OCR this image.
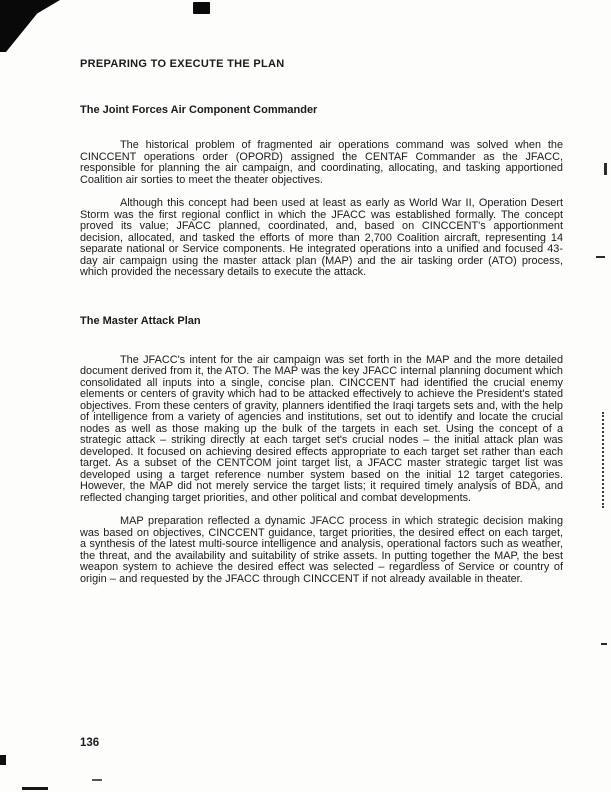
PREPARING TO EXECUTE THE PLAN
The Joint Forces Air Component Commander

The historical problem of fragmented air operations command was solved when the CINCCENT operations order (OPORD) assigned the CENTAF Commander as the JFACC, responsible for planning the air campaign, and coordinating, allocating, and tasking apportioned Coalition air sorties to meet the theater objectives.

Although this concept had been used at least as early as World War II, Operation Desert Storm was the first regional conflict in which the JFACC was established formally. The concept proved its value; JFACC planned, coordinated, and, based on CINCCENT's apportionment decision, allocated, and tasked the efforts of more than 2,700 Coalition aircraft, representing 14 separate national or Service components. He integrated operations into a unified and focused 43-day air campaign using the master attack plan (MAP) and the air tasking order (ATO) process, which provided the necessary details to execute the attack.

The Master Attack Plan

The JFACC's intent for the air campaign was set forth in the MAP and the more detailed document derived from it, the ATO. The MAP was the key JFACC internal planning document which consolidated all inputs into a single, concise plan. CINCCENT had identified the crucial enemy elements or centers of gravity which had to be attacked effectively to achieve the President's stated objectives. From these centers of gravity, planners identified the Iraqi targets sets and, with the help of intelligence from a variety of agencies and institutions, set out to identify and locate the crucial nodes as well as those making up the bulk of the targets in each set. Using the concept of a strategic attack – striking directly at each target set's crucial nodes – the initial attack plan was developed. It focused on achieving desired effects appropriate to each target set rather than each target. As a subset of the CENTCOM joint target list, a JFACC master strategic target list was developed using a target reference number system based on the initial 12 target categories. However, the MAP did not merely service the target lists; it required timely analysis of BDA, and reflected changing target priorities, and other political and combat developments.

MAP preparation reflected a dynamic JFACC process in which strategic decision making was based on objectives, CINCCENT guidance, target priorities, the desired effect on each target, a synthesis of the latest multi-source intelligence and analysis, operational factors such as weather, the threat, and the availability and suitability of strike assets. In putting together the MAP, the best weapon system to achieve the desired effect was selected – regardless of Service or country of origin – and requested by the JFACC through CINCCENT if not already available in theater.

136
